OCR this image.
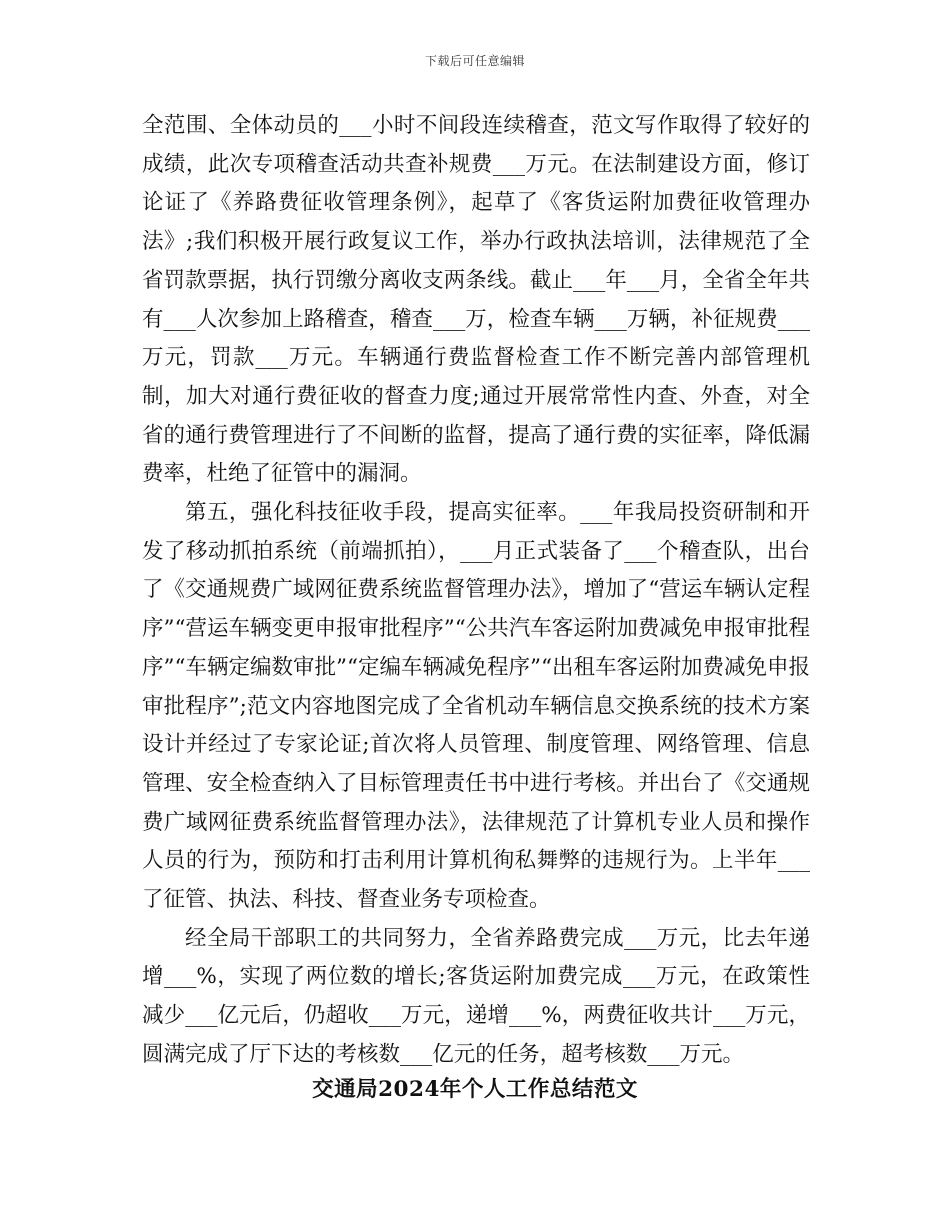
下载后可任意编辑

全范围、全体动员的___小时不间段连续稽查，范文写作取得了较好的成绩，此次专项稽查活动共查补规费___万元。在法制建设方面，修订论证了《养路费征收管理条例》，起草了《客货运附加费征收管理办法》;我们积极开展行政复议工作，举办行政执法培训，法律规范了全省罚款票据，执行罚缴分离收支两条线。截止___年___月，全省全年共有___人次参加上路稽查，稽查___万，检查车辆___万辆，补征规费___万元，罚款___万元。车辆通行费监督检查工作不断完善内部管理机制，加大对通行费征收的督查力度;通过开展常常性内查、外查，对全省的通行费管理进行了不间断的监督，提高了通行费的实征率，降低漏费率，杜绝了征管中的漏洞。

第五，强化科技征收手段，提高实征率。___年我局投资研制和开发了移动抓拍系统（前端抓拍），___月正式装备了___个稽查队，出台了《交通规费广域网征费系统监督管理办法》，增加了“营运车辆认定程序”“营运车辆变更申报审批程序”“公共汽车客运附加费减免申报审批程序”“车辆定编数审批”“定编车辆减免程序”“出租车客运附加费减免申报审批程序”;范文内容地图完成了全省机动车辆信息交换系统的技术方案设计并经过了专家论证;首次将人员管理、制度管理、网络管理、信息管理、安全检查纳入了目标管理责任书中进行考核。并出台了《交通规费广域网征费系统监督管理办法》，法律规范了计算机专业人员和操作人员的行为，预防和打击利用计算机徇私舞弊的违规行为。上半年___了征管、执法、科技、督查业务专项检查。

经全局干部职工的共同努力，全省养路费完成___万元，比去年递增___%，实现了两位数的增长;客货运附加费完成___万元，在政策性减少___亿元后，仍超收___万元，递增___%，两费征收共计___万元，圆满完成了厅下达的考核数___亿元的任务，超考核数___万元。

交通局2024年个人工作总结范文
